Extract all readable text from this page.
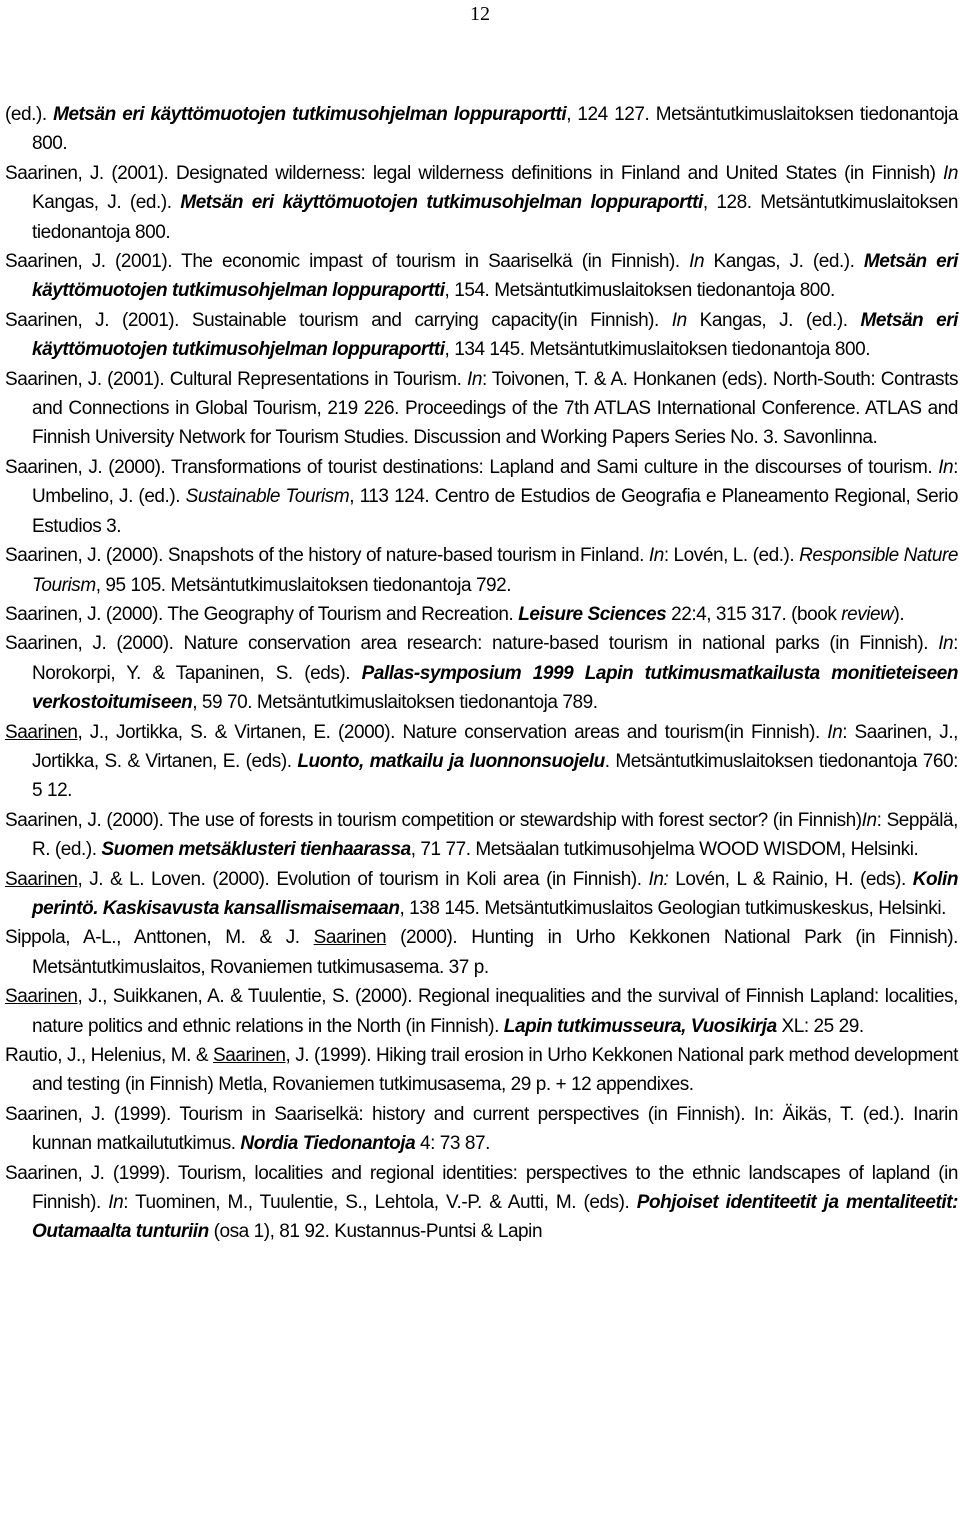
12
(ed.). Metsän eri käyttömuotojen tutkimusohjelman loppuraportti, 124 127. Metsäntutkimuslaitoksen tiedonantoja 800.
Saarinen, J. (2001). Designated wilderness: legal wilderness definitions in Finland and United States (in Finnish) In Kangas, J. (ed.). Metsän eri käyttömuotojen tutkimusohjelman loppuraportti, 128. Metsäntutkimuslaitoksen tiedonantoja 800.
Saarinen, J. (2001). The economic impast of tourism in Saariselkä (in Finnish). In Kangas, J. (ed.). Metsän eri käyttömuotojen tutkimusohjelman loppuraportti, 154. Metsäntutkimuslaitoksen tiedonantoja 800.
Saarinen, J. (2001). Sustainable tourism and carrying capacity(in Finnish). In Kangas, J. (ed.). Metsän eri käyttömuotojen tutkimusohjelman loppuraportti, 134 145. Metsäntutkimuslaitoksen tiedonantoja 800.
Saarinen, J. (2001). Cultural Representations in Tourism. In: Toivonen, T. & A. Honkanen (eds). North-South: Contrasts and Connections in Global Tourism, 219 226. Proceedings of the 7th ATLAS International Conference. ATLAS and Finnish University Network for Tourism Studies. Discussion and Working Papers Series No. 3. Savonlinna.
Saarinen, J. (2000). Transformations of tourist destinations: Lapland and Sami culture in the discourses of tourism. In: Umbelino, J. (ed.). Sustainable Tourism, 113 124. Centro de Estudios de Geografia e Planeamento Regional, Serio Estudios 3.
Saarinen, J. (2000). Snapshots of the history of nature-based tourism in Finland. In: Lovén, L. (ed.). Responsible Nature Tourism, 95 105. Metsäntutkimuslaitoksen tiedonantoja 792.
Saarinen, J. (2000). The Geography of Tourism and Recreation. Leisure Sciences 22:4, 315 317. (book review).
Saarinen, J. (2000). Nature conservation area research: nature-based tourism in national parks (in Finnish). In: Norokorpi, Y. & Tapaninen, S. (eds). Pallas-symposium 1999 Lapin tutkimusmatkailusta monitieteiseen verkostoitumiseen, 59 70. Metsäntutkimuslaitoksen tiedonantoja 789.
Saarinen, J., Jortikka, S. & Virtanen, E. (2000). Nature conservation areas and tourism(in Finnish). In: Saarinen, J., Jortikka, S. & Virtanen, E. (eds). Luonto, matkailu ja luonnonsuojelu. Metsäntutkimuslaitoksen tiedonantoja 760: 5 12.
Saarinen, J. (2000). The use of forests in tourism competition or stewardship with forest sector? (in Finnish)In: Seppälä, R. (ed.). Suomen metsäklusteri tienhaarassa, 71 77. Metsäalan tutkimusohjelma WOOD WISDOM, Helsinki.
Saarinen, J. & L. Loven. (2000). Evolution of tourism in Koli area (in Finnish). In: Lovén, L & Rainio, H. (eds). Kolin perintö. Kaskisavusta kansallismaisemaan, 138 145. Metsäntutkimuslaitos Geologian tutkimuskeskus, Helsinki.
Sippola, A-L., Anttonen, M. & J. Saarinen (2000). Hunting in Urho Kekkonen National Park (in Finnish). Metsäntutkimuslaitos, Rovaniemen tutkimusasema. 37 p.
Saarinen, J., Suikkanen, A. & Tuulentie, S. (2000). Regional inequalities and the survival of Finnish Lapland: localities, nature politics and ethnic relations in the North (in Finnish). Lapin tutkimusseura, Vuosikirja XL: 25 29.
Rautio, J., Helenius, M. & Saarinen, J. (1999). Hiking trail erosion in Urho Kekkonen National park method development and testing (in Finnish) Metla, Rovaniemen tutkimusasema, 29 p. + 12 appendixes.
Saarinen, J. (1999). Tourism in Saariselkä: history and current perspectives (in Finnish). In: Äikäs, T. (ed.). Inarin kunnan matkailututkimus. Nordia Tiedonantoja 4: 73 87.
Saarinen, J. (1999). Tourism, localities and regional identities: perspectives to the ethnic landscapes of lapland (in Finnish). In: Tuominen, M., Tuulentie, S., Lehtola, V.-P. & Autti, M. (eds). Pohjoiset identiteetit ja mentaliteetit: Outamaalta tunturiin (osa 1), 81 92. Kustannus-Puntsi & Lapin
